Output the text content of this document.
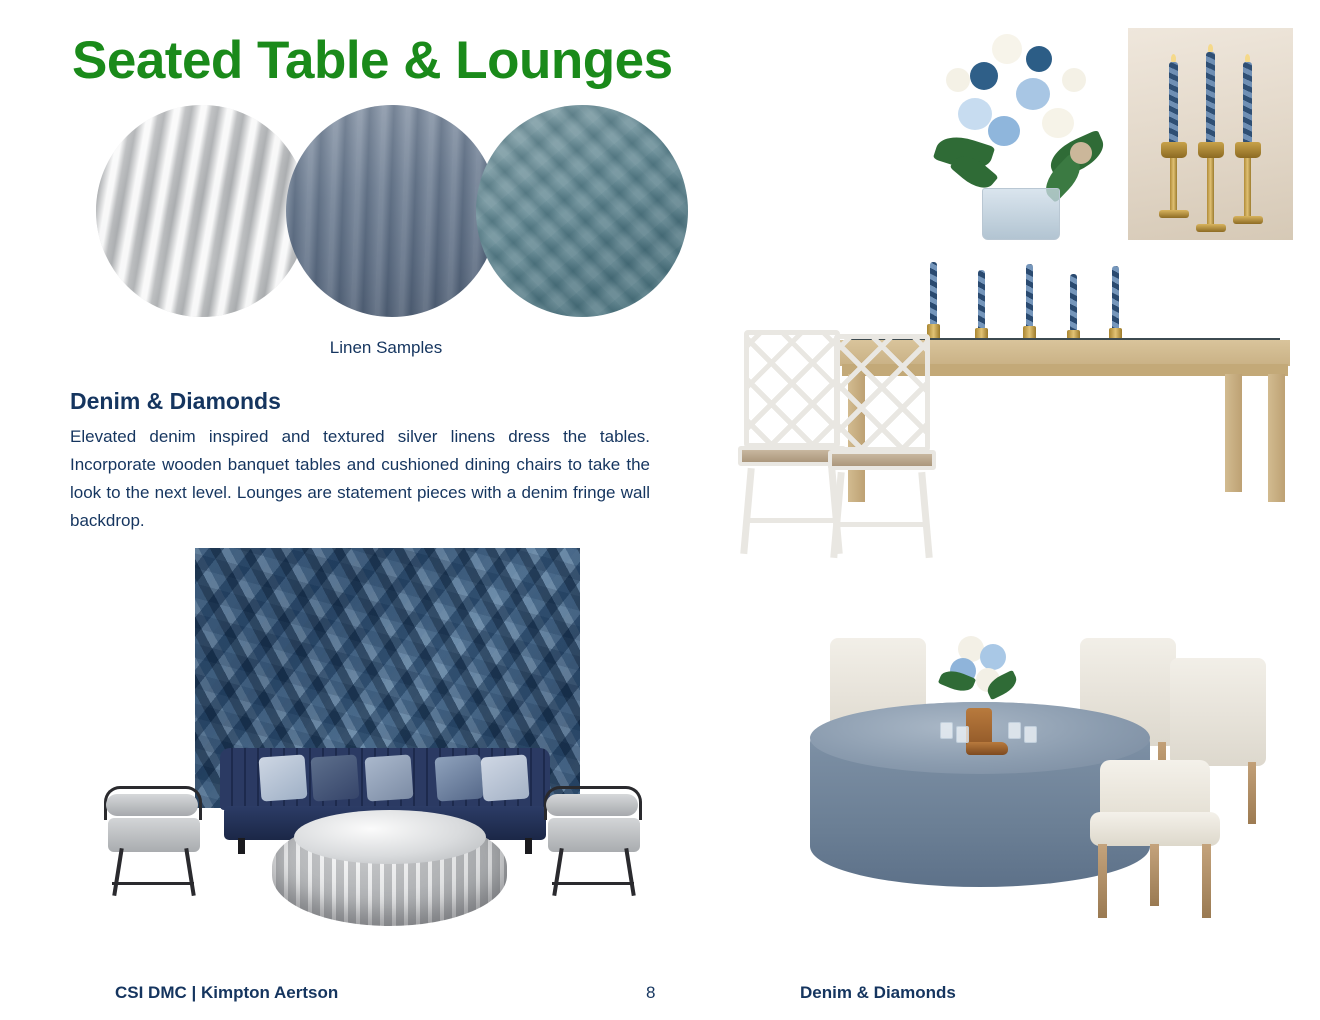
Seated Table & Lounges
Linen Samples
Denim & Diamonds
Elevated denim inspired and textured silver linens dress the tables. Incorporate wooden banquet tables and cushioned dining chairs to take the look to the next level. Lounges are statement pieces with a denim fringe wall backdrop.
CSI DMC | Kimpton Aertson	8	Denim & Diamonds
